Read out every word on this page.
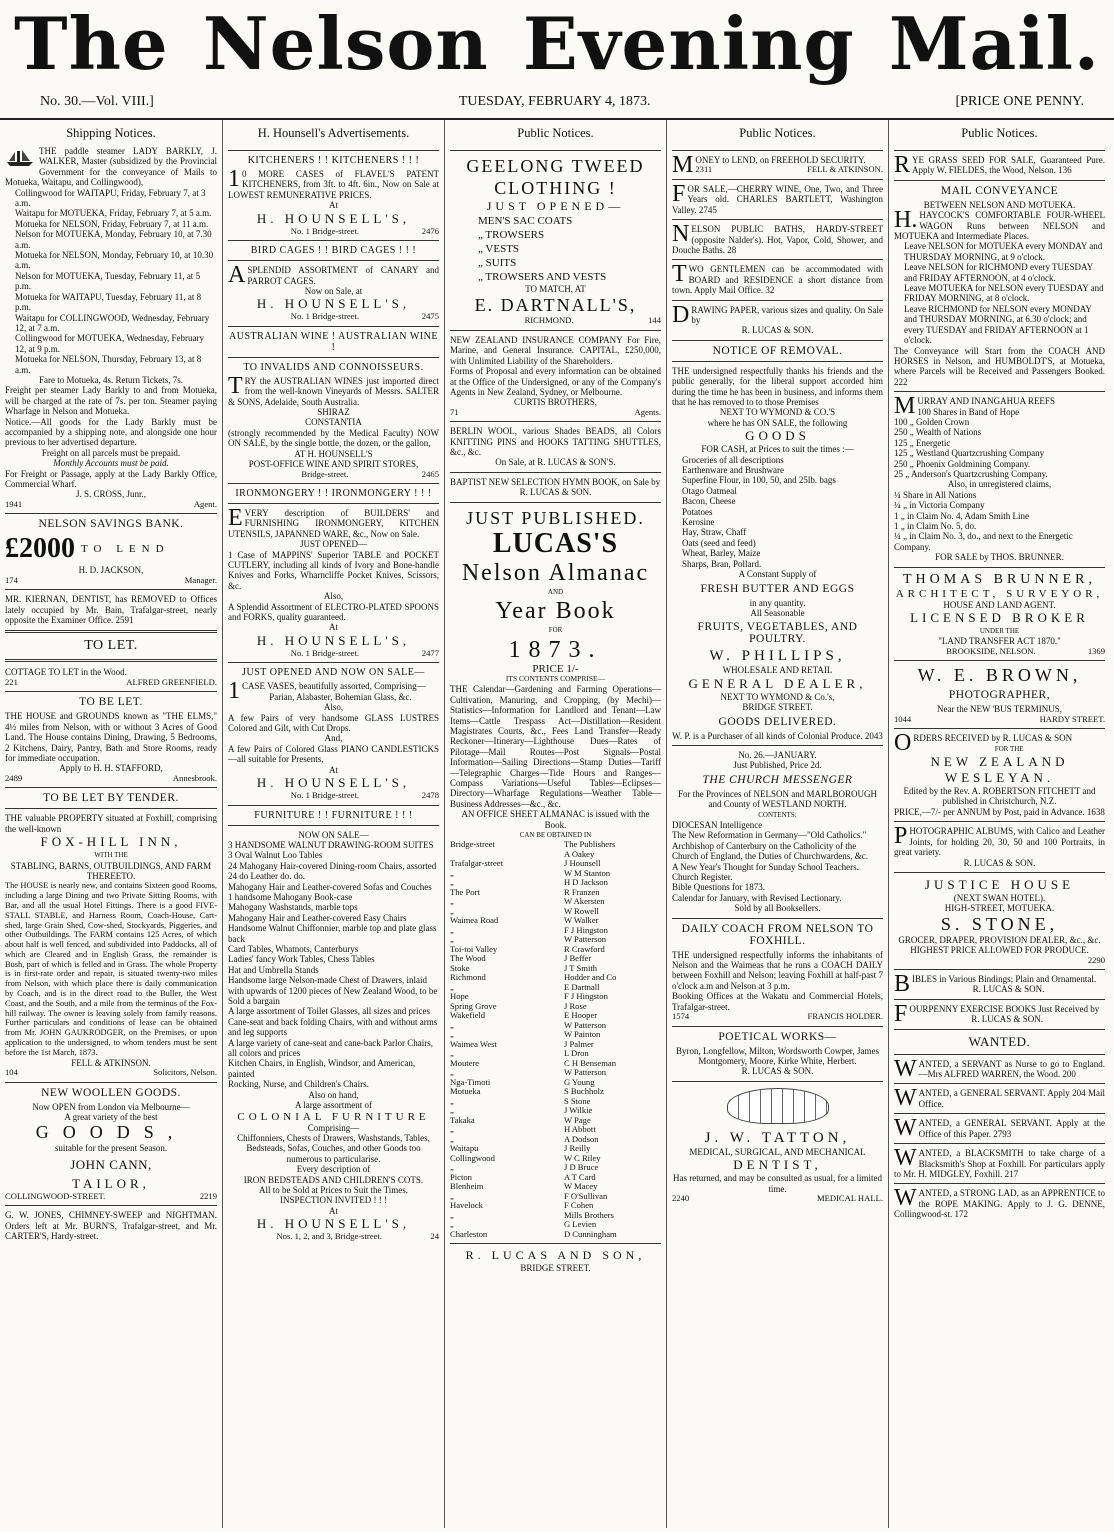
The Nelson Evening Mail.
No. 30.—Vol. VIII.]	TUESDAY, FEBRUARY 4, 1873.	[PRICE ONE PENNY.
Shipping Notices.
THE paddle steamer LADY BARKLY, J. WALKER, Master (subsidized by the Provincial Government for the conveyance of Mails to Motueka, Waitapu, and Collingwood),
Collingwood for WAITAPU, Friday, February 7, at 3 a.m.
Waitapu for MOTUEKA, Friday, February 7, at 5 a.m.
Motueka for NELSON, Friday, February 7, at 11 a.m.
Nelson for MOTUEKA, Monday, February 10, at 7.30 a.m.
Motueka for NELSON, Monday, February 10, at 10.30 a.m.
Nelson for MOTUEKA, Tuesday, February 11, at 5 p.m.
Motueka for WAITAPU, Tuesday, February 11, at 8 p.m.
Waitapu for COLLINGWOOD, Wednesday, February 12, at 7 a.m.
Collingwood for MOTUEKA, Wednesday, February 12, at 9 p.m.
Motueka for NELSON, Thursday, February 13, at 8 a.m.
Fare to Motueka, 4s. Return Tickets, 7s.
Freight per steamer Lady Barkly to and from Motueka, will be charged at the rate of 7s. per ton. Steamer paying Wharfage in Nelson and Motueka.
Notice.—All goods for the Lady Barkly must be accompanied by a shipping note, and alongside one hour previous to her advertised departure.
Freight on all parcels must be prepaid.
Monthly Accounts must be paid.
For Freight or Passage, apply at the Lady Barkly Office, Commercial Wharf.
J. S. CROSS, Junr.,
1941	Agent.
NELSON SAVINGS BANK.
£2000 TO LEND
H. D. JACKSON,
174	Manager.
MR. KIERNAN, DENTIST, has REMOVED to Offices lately occupied by Mr. Bain, Trafalgar-street, nearly opposite the Examiner Office. 2591
TO LET.
COTTAGE TO LET in the Wood.
221	ALFRED GREENFIELD.
TO BE LET.
THE HOUSE and GROUNDS known as "THE ELMS," 4½ miles from Nelson, with or without 3 Acres of Good Land. The House contains Dining, Drawing, 5 Bedrooms, 2 Kitchens, Dairy, Pantry, Bath and Store Rooms, ready for immediate occupation.
Apply to H. H. STAFFORD,
2489	Annesbrook.
TO BE LET BY TENDER.
THE valuable PROPERTY situated at Foxhill, comprising the well-known
FOX-HILL INN,
WITH THE
STABLING, BARNS, OUTBUILDINGS, AND FARM THEREETO.
The HOUSE is nearly new, and contains Sixteen good Rooms, including a large Dining and two Private Sitting Rooms, with Bar, and all the usual Hotel Fittings. There is a good FIVE-STALL STABLE, and Harness Room, Coach-House, Cart-shed, large Grain Shed, Cow-shed, Stockyards, Piggeries, and other Outbuildings. The FARM contains 125 Acres, of which about half is well fenced, and subdivided into Paddocks, all of which are Cleared and in English Grass, the remainder is Bush, part of which is felled and in Grass. The whole Property is in first-rate order and repair, is situated twenty-two miles from Nelson, with which place there is daily communication by Coach, and is in the direct road to the Buller, the West Coast, and the South, and a mile from the terminus of the Fox-hill railway. The owner is leaving solely from family reasons. Further particulars and conditions of lease can be obtained from Mr. JOHN GAUKRODGER, on the Premises, or upon application to the undersigned, to whom tenders must be sent before the 1st March, 1873.
FELL & ATKINSON.
104	Solicitors, Nelson.
NEW WOOLLEN GOODS.
Now OPEN from London via Melbourne—
A great variety of the best
GOODS,
suitable for the present Season.
JOHN CANN,
TAILOR,
COLLINGWOOD-STREET.	2219
G. W. JONES, CHIMNEY-SWEEP and NIGHTMAN. Orders left at Mr. BURN'S, Trafalgar-street, and Mr. CARTER'S, Hardy-street.
H. Hounsell's Advertisements.
KITCHENERS ! ! KITCHENERS ! ! !
10 MORE CASES of FLAVEL'S PATENT KITCHENERS, from 3ft. to 4ft. 6in., Now on Sale at LOWEST REMUNERATIVE PRICES.
At
H. HOUNSELL'S,
No. 1 Bridge-street.	2476
BIRD CAGES ! ! BIRD CAGES ! ! !
ASPLENDID ASSORTMENT of CANARY and PARROT CAGES.
Now on Sale, at
H. HOUNSELL'S,
No. 1 Bridge-street.	2475
AUSTRALIAN WINE ! AUSTRALIAN WINE !
TO INVALIDS AND CONNOISSEURS.
TRY the AUSTRALIAN WINES just imported direct from the well-known Vineyards of Messrs. SALTER & SONS, Adelaide, South Australia.
SHIRAZ
CONSTANTIA
(strongly recommended by the Medical Faculty) NOW ON SALE, by the single bottle, the dozen, or the gallon,
AT H. HOUNSELL'S
POST-OFFICE WINE AND SPIRIT STORES,
Bridge-street.	2465
IRONMONGERY ! ! IRONMONGERY ! ! !
EVERY description of BUILDERS' and FURNISHING IRONMONGERY, KITCHEN UTENSILS, JAPANNED WARE, &c., Now on Sale.
JUST OPENED—
1 Case of MAPPINS' Superior TABLE and POCKET CUTLERY, including all kinds of Ivory and Bone-handle Knives and Forks, Wharncliffe Pocket Knives, Scissors, &c.
Also,
A Splendid Assortment of ELECTRO-PLATED SPOONS and FORKS, quality guaranteed.
At
H. HOUNSELL'S,
No. 1 Bridge-street.	2477
JUST OPENED AND NOW ON SALE—
1CASE VASES, beautifully assorted, Comprising—
Parian, Alabaster, Bohemian Glass, &c.
Also,
A few Pairs of very handsome GLASS LUSTRES Colored and Gilt, with Cut Drops.
And,
A few Pairs of Colored Glass PIANO CANDLESTICKS—all suitable for Presents,
At
H. HOUNSELL'S,
No. 1 Bridge-street.	2478
FURNITURE ! ! FURNITURE ! ! !
NOW ON SALE—
3 HANDSOME WALNUT DRAWING-ROOM SUITES
3 Oval Walnut Loo Tables
24 Mahogany Hair-covered Dining-room Chairs, assorted
24 do Leather do. do.
Mahogany Hair and Leather-covered Sofas and Couches
1 handsome Mahogany Book-case
Mahogany Washstands, marble tops
Mahogany Hair and Leather-covered Easy Chairs
Handsome Walnut Chiffonnier, marble top and plate glass back
Card Tables, Whatnots, Canterburys
Ladies' fancy Work Tables, Chess Tables
Hat and Umbrella Stands
Handsome large Nelson-made Chest of Drawers, inlaid with upwards of 1200 pieces of New Zealand Wood, to be Sold a bargain
A large assortment of Toilet Glasses, all sizes and prices
Cane-seat and back folding Chairs, with and without arms and leg supports
A large variety of cane-seat and cane-back Parlor Chairs, all colors and prices
Kitchen Chairs, in English, Windsor, and American, painted
Rocking, Nurse, and Children's Chairs.
Also on hand,
A large assortment of
COLONIAL FURNITURE
Comprising—
Chiffonniers, Chests of Drawers, Washstands, Tables, Bedsteads, Sofas, Couches, and other Goods too numerous to particularise.
Every description of
IRON BEDSTEADS AND CHILDREN'S COTS.
All to be Sold at Prices to Suit the Times.
INSPECTION INVITED ! ! !
At
H. HOUNSELL'S,
Nos. 1, 2, and 3, Bridge-street.	24
Public Notices.
GEELONG TWEED
CLOTHING !
JUST OPENED—
MEN'S SAC COATS
„ TROWSERS
„ VESTS
„ SUITS
„ TROWSERS AND VESTS
TO MATCH, AT
E. DARTNALL'S,
RICHMOND.	144
NEW ZEALAND INSURANCE COMPANY For Fire, Marine, and General Insurance. CAPITAL, £250,000, with Unlimited Liability of the Shareholders.
Forms of Proposal and every information can be obtained at the Office of the Undersigned, or any of the Company's Agents in New Zealand, Sydney, or Melbourne.
CURTIS BROTHERS,
71	Agents.
BERLIN WOOL, various Shades BEADS, all Colors KNITTING PINS and HOOKS TATTING SHUTTLES, &c., &c.
On Sale, at R. LUCAS & SON'S.
BAPTIST NEW SELECTION HYMN BOOK, on Sale by
R. LUCAS & SON.
JUST PUBLISHED.
LUCAS'S
Nelson Almanac
AND
Year Book
FOR
1873.
PRICE 1/-
ITS CONTENTS COMPRISE—
THE Calendar—Gardening and Farming Operations—Cultivation, Manuring, and Cropping, (by Mechi)—Statistics—Information for Landlord and Tenant—Law Items—Cattle Trespass Act—Distillation—Resident Magistrates Courts, &c., Fees Land Transfer—Ready Reckoner—Itinerary—Lighthouse Dues—Rates of Pilotage—Mail Routes—Post Signals—Postal Information—Sailing Directions—Stamp Duties—Tariff—Telegraphic Charges—Tide Hours and Ranges—Compass Variations—Useful Tables—Eclipses—Directory—Wharfage Regulations—Weather Table—Business Addresses—&c., &c.
AN OFFICE SHEET ALMANAC is issued with the Book.
CAN BE OBTAINED IN
Bridge-street	The Publishers
A Oakey
Trafalgar-street	J Hounsell
„	W M Stanton
„	H D Jackson
The Port	R Franzen
„	W Akersten
„	W Rowell
Waimea Road	W Walker
„	F J Hingston
„	W Patterson
Toi-toi Valley	R Crawford
The Wood	J Beffer
Stoke	J T Smith
Richmond	Hodder and Co
„	E Dartnall
Hope	F J Hingston
Spring Grove	J Rose
Wakefield	E Hooper
„	W Patterson
„	W Painton
Waimea West	J Palmer
„	L Dron
Moutere	C H Benseman
„	W Patterson
Nga-Timoti	G Young
Motueka	S Buchholz
„	S Stone
„	J Wilkie
Takaka	W Page
„	H Abbott
„	A Dodson
Waitapu	J Reilly
Collingwood	W C Riley
„	J D Bruce
Picton	A T Card
Blenheim	W Macey
„	F O'Sullivan
Havelock	F Cohen
„	Mills Brothers
„	G Levien
Charleston	D Cunningham
R. LUCAS AND SON,
BRIDGE STREET.
Public Notices.
MONEY to LEND, on FREEHOLD SECURITY.
2311	FELL & ATKINSON.
FOR SALE,—CHERRY WINE, One, Two, and Three Years old. CHARLES BARTLETT, Washington Valley. 2745
NELSON PUBLIC BATHS, HARDY-STREET (opposite Nalder's). Hot, Vapor, Cold, Shower, and Douche Baths. 28
TWO GENTLEMEN can be accommodated with BOARD and RESIDENCE a short distance from town. Apply Mail Office. 32
DRAWING PAPER, various sizes and quality. On Sale by
R. LUCAS & SON.
NOTICE OF REMOVAL.
THE undersigned respectfully thanks his friends and the public generally, for the liberal support accorded him during the time he has been in business, and informs them that he has removed to to those Premises
NEXT TO WYMOND & CO.'S
where he has ON SALE, the following
GOODS
FOR CASH, at Prices to suit the times :—
Groceries of all descriptions
Earthenware and Brushware
Superfine Flour, in 100, 50, and 25lb. bags
Otago Oatmeal
Bacon, Cheese
Potatoes
Kerosine
Hay, Straw, Chaff
Oats (seed and feed)
Wheat, Barley, Maize
Sharps, Bran, Pollard.
A Constant Supply of
FRESH BUTTER AND EGGS
in any quantity.
All Seasonable
FRUITS, VEGETABLES, AND POULTRY.
W. PHILLIPS,
WHOLESALE AND RETAIL
GENERAL DEALER,
NEXT TO WYMOND & Co.'s,
BRIDGE STREET.
GOODS DELIVERED.
W. P. is a Purchaser of all kinds of Colonial Produce. 2043
No. 26.—JANUARY.
Just Published, Price 2d.
THE CHURCH MESSENGER
For the Provinces of NELSON and MARLBOROUGH and County of WESTLAND NORTH.
CONTENTS:
DIOCESAN Intelligence
The New Reformation in Germany—"Old Catholics."
Archbishop of Canterbury on the Catholicity of the Church of England, the Duties of Churchwardens, &c.
A New Year's Thought for Sunday School Teachers.
Church Register.
Bible Questions for 1873.
Calendar for January, with Revised Lectionary.
Sold by all Booksellers.
DAILY COACH FROM NELSON TO FOXHILL.
THE undersigned respectfully informs the inhabitants of Nelson and the Waimeas that he runs a COACH DAILY between Foxhill and Nelson; leaving Foxhill at half-past 7 o'clock a.m and Nelson at 3 p.m.
Booking Offices at the Wakatu and Commercial Hotels, Trafalgar-street.
1574	FRANCIS HOLDER.
POETICAL WORKS—
Byron, Longfellow, Milton, Wordsworth Cowper, James Montgomery, Moore, Kirke White, Herbert.
R. LUCAS & SON.
J. W. TATTON,
MEDICAL, SURGICAL, AND MECHANICAL
DENTIST,
Has returned, and may be consulted as usual, for a limited time.
2240	MEDICAL HALL.
Public Notices.
RYE GRASS SEED FOR SALE, Guaranteed Pure. Apply W. FIELDES, the Wood, Nelson. 136
MAIL CONVEYANCE
BETWEEN NELSON AND MOTUEKA.
H.HAYCOCK'S COMFORTABLE FOUR-WHEEL WAGON Runs between NELSON and MOTUEKA and Intermediate Places.
Leave NELSON for MOTUEKA every MONDAY and THURSDAY MORNING, at 9 o'clock.
Leave NELSON for RICHMOND every TUESDAY and FRIDAY AFTERNOON, at 4 o'clock.
Leave MOTUEKA for NELSON every TUESDAY and FRIDAY MORNING, at 8 o'clock.
Leave RICHMOND for NELSON every MONDAY and THURSDAY MORNING, at 6.30 o'clock; and every TUESDAY and FRIDAY AFTERNOON at 1 o'clock.
The Conveyance will Start from the COACH AND HORSES in Nelson, and HUMBOLDT'S, at Motueka, where Parcels will be Received and Passengers Booked. 222
MURRAY AND INANGAHUA REEFS
100 Shares in Band of Hope
100 „ Golden Crown
250 „ Wealth of Nations
125 „ Energetic
125 „ Westland Quartzcrushing Company
250 „ Phoenix Goldmining Company.
25 „ Anderson's Quartzcrushing Company.
Also, in unregistered claims,
¼ Share in All Nations
¼ „ in Victoria Company
1 „ in Claim No. 4, Adam Smith Line
1 „ in Claim No. 5, do.
¼ „ in Claim No. 3, do., and next to the Energetic Company.
FOR SALE by THOS. BRUNNER.
THOMAS BRUNNER,
ARCHITECT, SURVEYOR,
HOUSE AND LAND AGENT.
LICENSED BROKER
UNDER THE
"LAND TRANSFER ACT 1870."
BROOKSIDE, NELSON.	1369
W. E. BROWN,
PHOTOGRAPHER,
Near the NEW 'BUS TERMINUS,
1044	HARDY STREET.
ORDERS RECEIVED by R. LUCAS & SON
FOR THE
NEW ZEALAND WESLEYAN.
Edited by the Rev. A. ROBERTSON FITCHETT and published in Christchurch, N.Z.
PRICE,—7/- per ANNUM by Post, paid in Advance. 1638
PHOTOGRAPHIC ALBUMS, with Calico and Leather Joints, for holding 20, 30, 50 and 100 Portraits, in great variety.
R. LUCAS & SON.
JUSTICE HOUSE
(NEXT SWAN HOTEL).
HIGH-STREET, MOTUEKA.
S. STONE,
GROCER, DRAPER, PROVISION DEALER, &c., &c.
HIGHEST PRICE ALLOWED FOR PRODUCE.
2290
BIBLES in Various Bindings; Plain and Ornamental.
R. LUCAS & SON.
FOURPENNY EXERCISE BOOKS Just Received by
R. LUCAS & SON.
WANTED.
WANTED, a SERVANT as Nurse to go to England.—Mrs ALFRED WARREN, the Wood. 200
WANTED, a GENERAL SERVANT. Apply 204 Mail Office.
WANTED, a GENERAL SERVANT. Apply at the Office of this Paper. 2793
WANTED, a BLACKSMITH to take charge of a Blacksmith's Shop at Foxhill. For particulars apply to Mr. H. MIDGLEY, Foxhill. 217
WANTED, a STRONG LAD, as an APPRENTICE to the ROPE MAKING. Apply to J. G. DENNE, Collingwood-st. 172
